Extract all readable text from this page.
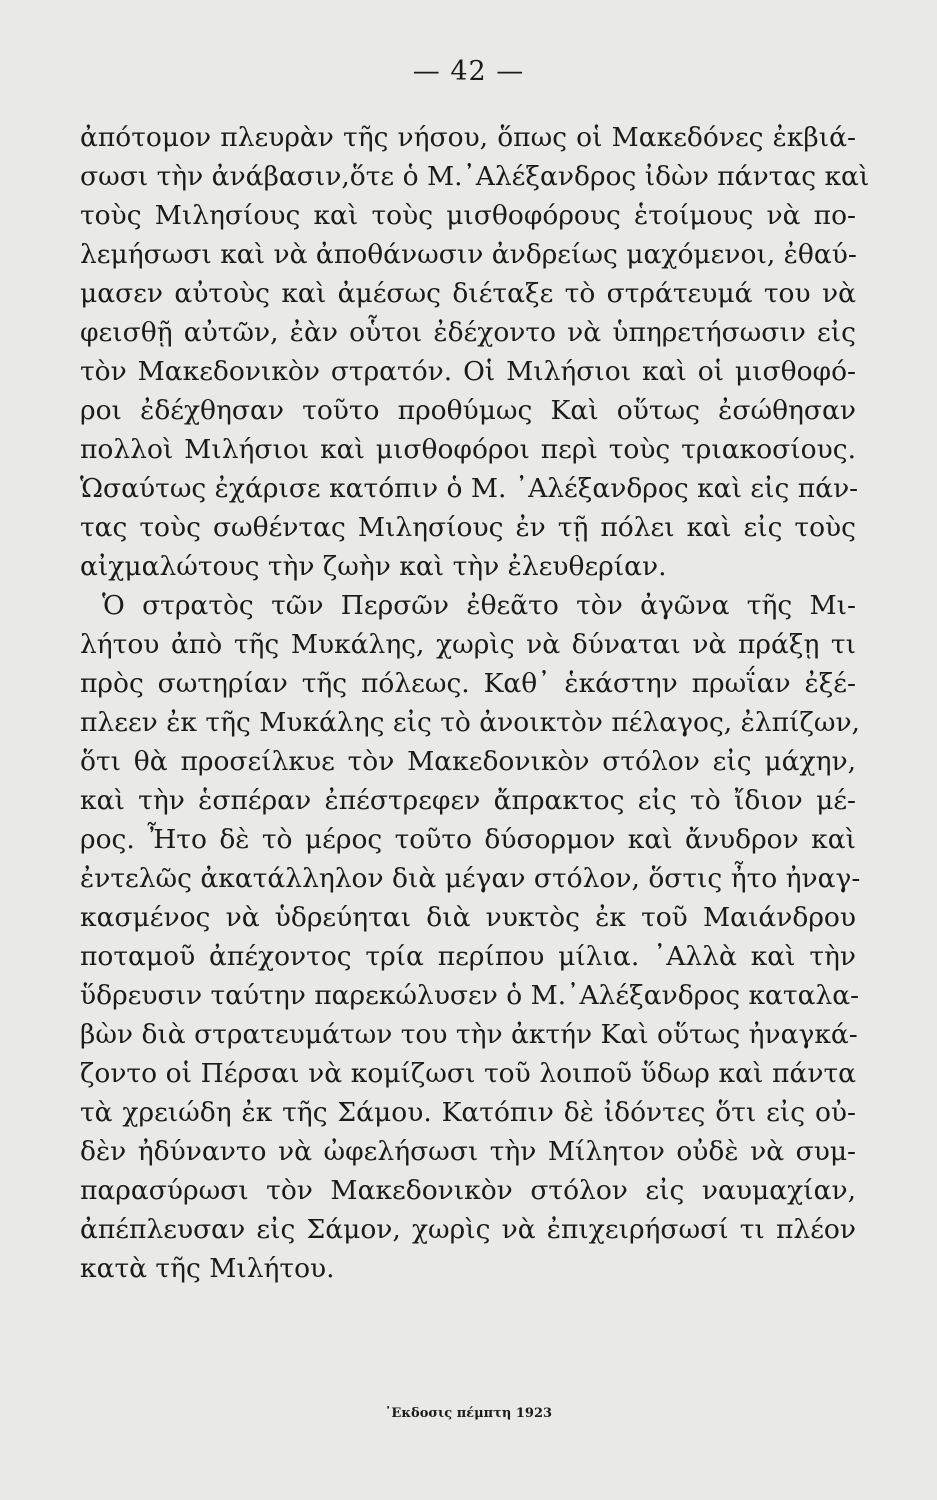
— 42 —
ἀπότομον πλευρὰν τῆς νήσου, ὅπως οἱ Μακεδόνες ἐκβιά-
σωσι τὴν ἀνάβασιν,ὅτε ὁ Μ.᾽Αλέξανδρος ἰδὼν πάντας καὶ
τοὺς Μιλησίους καὶ τοὺς μισθοφόρους ἑτοίμους νὰ πο-
λεμήσωσι καὶ νὰ ἀποθάνωσιν ἀνδρείως μαχόμενοι, ἐθαύ-
μασεν αὐτοὺς καὶ ἀμέσως διέταξε τὸ στράτευμά του νὰ
φεισθῇ αὐτῶν, ἐὰν οὗτοι ἐδέχοντο νὰ ὑπηρετήσωσιν εἰς
τὸν Μακεδονικὸν στρατόν. Οἱ Μιλήσιοι καὶ οἱ μισθοφό-
ροι ἐδέχθησαν τοῦτο προθύμως Καὶ οὕτως ἐσώθησαν
πολλοὶ Μιλήσιοι καὶ μισθοφόροι περὶ τοὺς τριακοσίους.
Ὡσαύτως ἐχάρισε κατόπιν ὁ Μ. ᾽Αλέξανδρος καὶ εἰς πάν-
τας τοὺς σωθέντας Μιλησίους ἐν τῇ πόλει καὶ εἰς τοὺς
αἰχμαλώτους τὴν ζωὴν καὶ τὴν ἐλευθερίαν.
Ὁ στρατὸς τῶν Περσῶν ἐθεᾶτο τὸν ἀγῶνα τῆς Μι-
λήτου ἀπὸ τῆς Μυκάλης, χωρὶς νὰ δύναται νὰ πράξῃ τι
πρὸς σωτηρίαν τῆς πόλεως. Καθ᾽ ἑκάστην πρωΐαν ἐξέ-
πλεεν ἐκ τῆς Μυκάλης εἰς τὸ ἀνοικτὸν πέλαγος, ἐλπίζων,
ὅτι θὰ προσείλκυε τὸν Μακεδονικὸν στόλον εἰς μάχην,
καὶ τὴν ἑσπέραν ἐπέστρεφεν ἄπρακτος εἰς τὸ ἴδιον μέ-
ρος. Ἦτο δὲ τὸ μέρος τοῦτο δύσορμον καὶ ἄνυδρον καὶ
ἐντελῶς ἀκατάλληλον διὰ μέγαν στόλον, ὅστις ἦτο ἠναγ-
κασμένος νὰ ὑδρεύηται διὰ νυκτὸς ἐκ τοῦ Μαιάνδρου
ποταμοῦ ἀπέχοντος τρία περίπου μίλια. ᾽Αλλὰ καὶ τὴν
ὕδρευσιν ταύτην παρεκώλυσεν ὁ Μ.᾽Αλέξανδρος καταλα-
βὼν διὰ στρατευμάτων του τὴν ἀκτήν Καὶ οὕτως ἠναγκά-
ζοντο οἱ Πέρσαι νὰ κομίζωσι τοῦ λοιποῦ ὕδωρ καὶ πάντα
τὰ χρειώδη ἐκ τῆς Σάμου. Κατόπιν δὲ ἰδόντες ὅτι εἰς οὐ-
δὲν ἠδύναντο νὰ ὠφελήσωσι τὴν Μίλητον οὐδὲ νὰ συμ-
παρασύρωσι τὸν Μακεδονικὸν στόλον εἰς ναυμαχίαν,
ἀπέπλευσαν εἰς Σάμον, χωρὶς νὰ ἐπιχειρήσωσί τι πλέον
κατὰ τῆς Μιλήτου.
᾽Εκδοσις πέμπτη 1923
